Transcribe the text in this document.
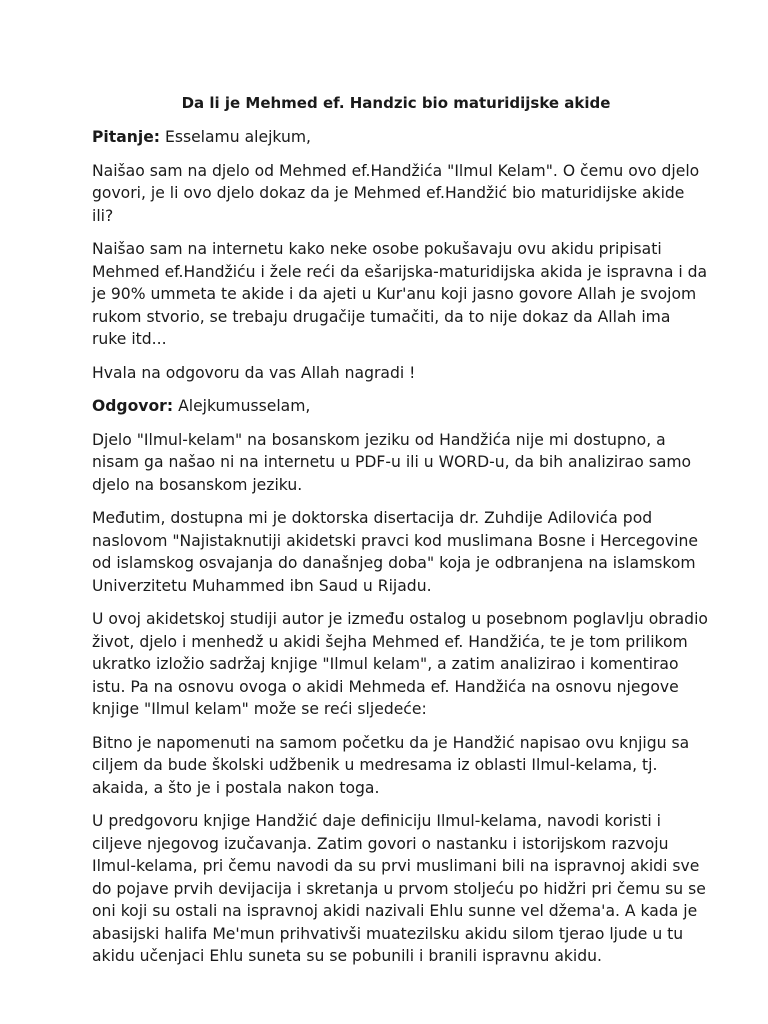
Da li je Mehmed ef. Handzic bio maturidijske akide

Pitanje: Esselamu alejkum,

Naišao sam na djelo od Mehmed ef.Handžića "Ilmul Kelam". O čemu ovo djelo govori, je li ovo djelo dokaz da je Mehmed ef.Handžić bio maturidijske akide ili?

Naišao sam na internetu kako neke osobe pokušavaju ovu akidu pripisati Mehmed ef.Handžiću i žele reći da ešarijska-maturidijska akida je ispravna i da je 90% ummeta te akide i da ajeti u Kur'anu koji jasno govore Allah je svojom rukom stvorio, se trebaju drugačije tumačiti, da to nije dokaz da Allah ima ruke itd...

Hvala na odgovoru da vas Allah nagradi !

Odgovor: Alejkumusselam,

Djelo "Ilmul-kelam" na bosanskom jeziku od Handžića nije mi dostupno, a nisam ga našao ni na internetu u PDF-u ili u WORD-u, da bih analizirao samo djelo na bosanskom jeziku.

Međutim, dostupna mi je doktorska disertacija dr. Zuhdije Adilovića pod naslovom "Najistaknutiji akidetski pravci kod muslimana Bosne i Hercegovine od islamskog osvajanja do današnjeg doba" koja je odbranjena na islamskom Univerzitetu Muhammed ibn Saud u Rijadu.

U ovoj akidetskoj studiji autor je između ostalog u posebnom poglavlju obradio život, djelo i menhedž u akidi šejha Mehmed ef. Handžića, te je tom prilikom ukratko izložio sadržaj knjige "Ilmul kelam", a zatim analizirao i komentirao istu. Pa na osnovu ovoga o akidi Mehmeda ef. Handžića na osnovu njegove knjige "Ilmul kelam" može se reći sljedeće:

Bitno je napomenuti na samom početku da je Handžić napisao ovu knjigu sa ciljem da bude školski udžbenik u medresama iz oblasti Ilmul-kelama, tj. akaida, a što je i postala nakon toga.

U predgovoru knjige Handžić daje definiciju Ilmul-kelama, navodi koristi i ciljeve njegovog izučavanja. Zatim govori o nastanku i istorijskom razvoju Ilmul-kelama, pri čemu navodi da su prvi muslimani bili na ispravnoj akidi sve do pojave prvih devijacija i skretanja u prvom stoljeću po hidžri pri čemu su se oni koji su ostali na ispravnoj akidi nazivali Ehlu sunne vel džema'a. A kada je abasijski halifa Me'mun prihvativši muatezilsku akidu silom tjerao ljude u tu akidu učenjaci Ehlu suneta su se pobunili i branili ispravnu akidu.
